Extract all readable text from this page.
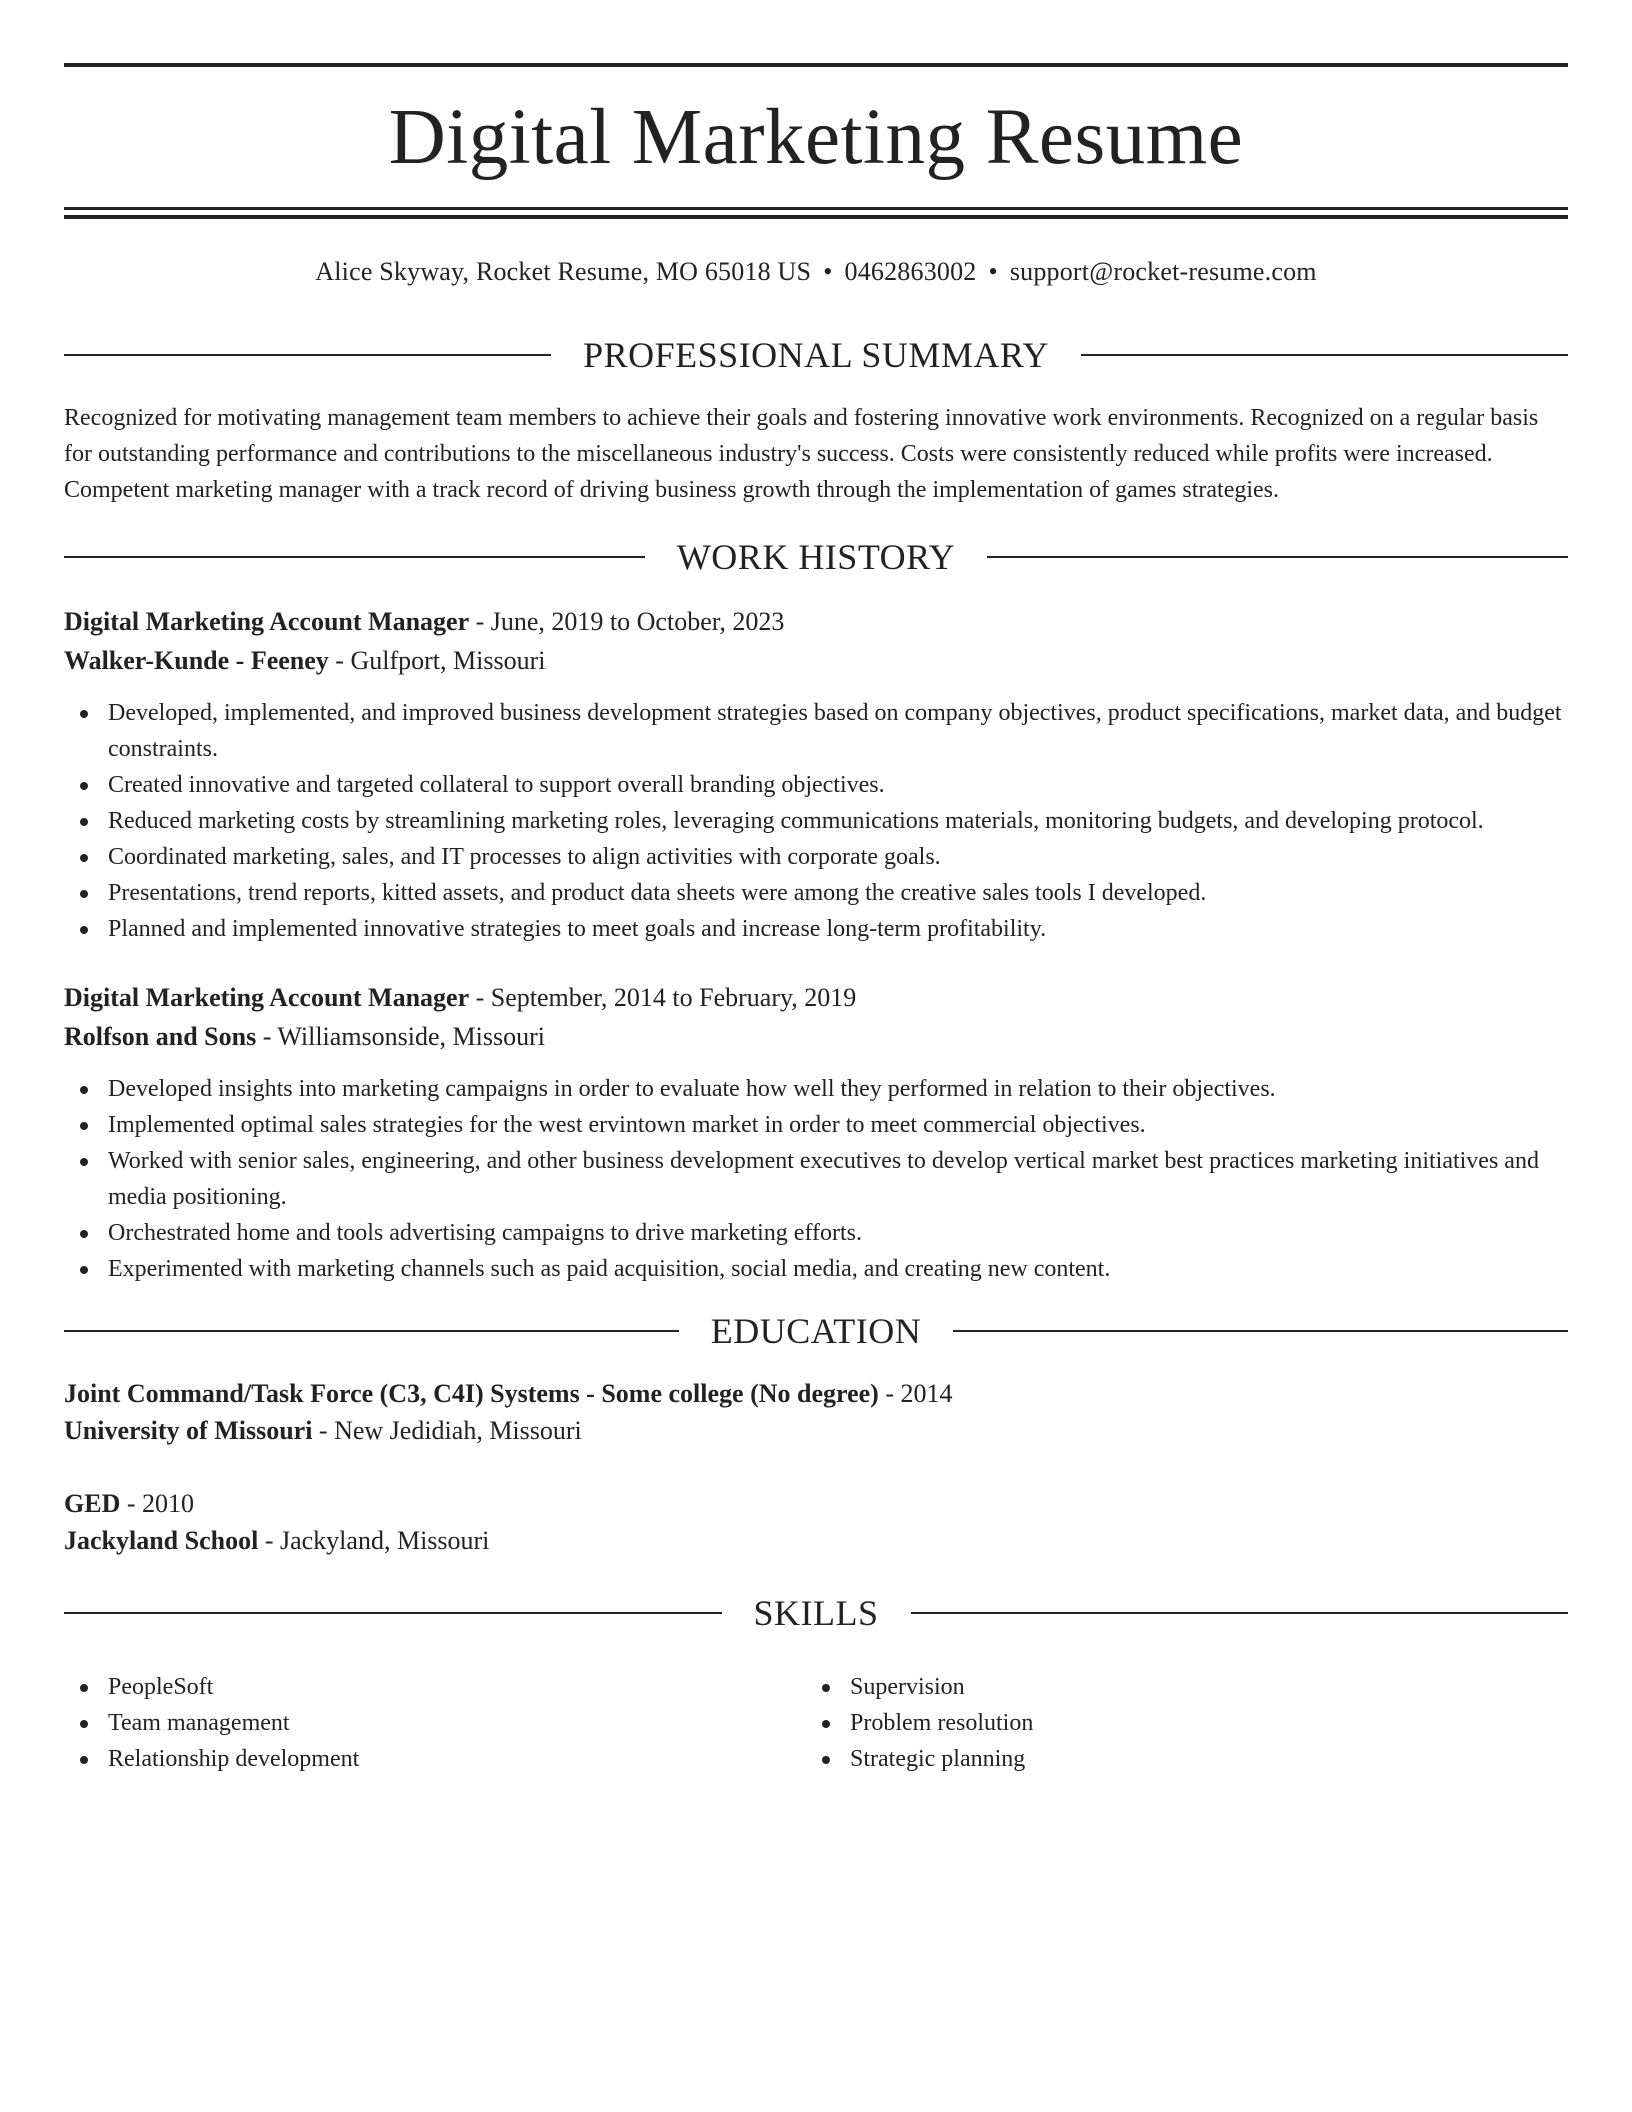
Digital Marketing Resume
Alice Skyway, Rocket Resume, MO 65018 US • 0462863002 • support@rocket-resume.com
PROFESSIONAL SUMMARY

Recognized for motivating management team members to achieve their goals and fostering innovative work environments. Recognized on a regular basis for outstanding performance and contributions to the miscellaneous industry's success. Costs were consistently reduced while profits were increased. Competent marketing manager with a track record of driving business growth through the implementation of games strategies.

WORK HISTORY
Digital Marketing Account Manager - June, 2019 to October, 2023
Walker-Kunde - Feeney - Gulfport, Missouri
Developed, implemented, and improved business development strategies based on company objectives, product specifications, market data, and budget constraints.
Created innovative and targeted collateral to support overall branding objectives.
Reduced marketing costs by streamlining marketing roles, leveraging communications materials, monitoring budgets, and developing protocol.
Coordinated marketing, sales, and IT processes to align activities with corporate goals.
Presentations, trend reports, kitted assets, and product data sheets were among the creative sales tools I developed.
Planned and implemented innovative strategies to meet goals and increase long-term profitability.
Digital Marketing Account Manager - September, 2014 to February, 2019
Rolfson and Sons - Williamsonside, Missouri
Developed insights into marketing campaigns in order to evaluate how well they performed in relation to their objectives.
Implemented optimal sales strategies for the west ervintown market in order to meet commercial objectives.
Worked with senior sales, engineering, and other business development executives to develop vertical market best practices marketing initiatives and media positioning.
Orchestrated home and tools advertising campaigns to drive marketing efforts.
Experimented with marketing channels such as paid acquisition, social media, and creating new content.
EDUCATION
Joint Command/Task Force (C3, C4I) Systems - Some college (No degree) - 2014
University of Missouri - New Jedidiah, Missouri
GED - 2010
Jackyland School - Jackyland, Missouri
SKILLS
PeopleSoft
Team management
Relationship development
Supervision
Problem resolution
Strategic planning
